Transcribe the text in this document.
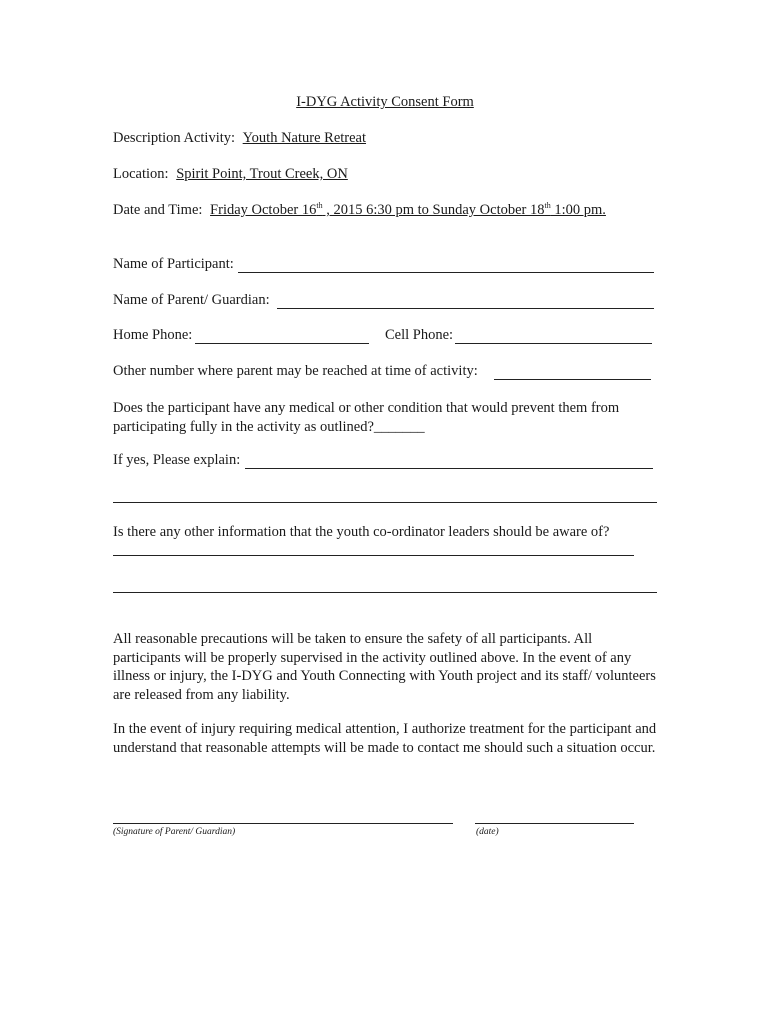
I-DYG Activity Consent Form
Description Activity: Youth Nature Retreat
Location: Spirit Point, Trout Creek, ON
Date and Time: Friday October 16th , 2015 6:30 pm to Sunday October 18th 1:00 pm.
Name of Participant:
Name of Parent/ Guardian:
Home Phone:	Cell Phone:
Other number where parent may be reached at time of activity:
Does the participant have any medical or other condition that would prevent them from participating fully in the activity as outlined?_______
If yes, Please explain:
Is there any other information that the youth co-ordinator leaders should be aware of?
All reasonable precautions will be taken to ensure the safety of all participants. All participants will be properly supervised in the activity outlined above. In the event of any illness or injury, the I-DYG and Youth Connecting with Youth project and its staff/ volunteers are released from any liability.
In the event of injury requiring medical attention, I authorize treatment for the participant and understand that reasonable attempts will be made to contact me should such a situation occur.
(Signature of Parent/ Guardian)	(date)
